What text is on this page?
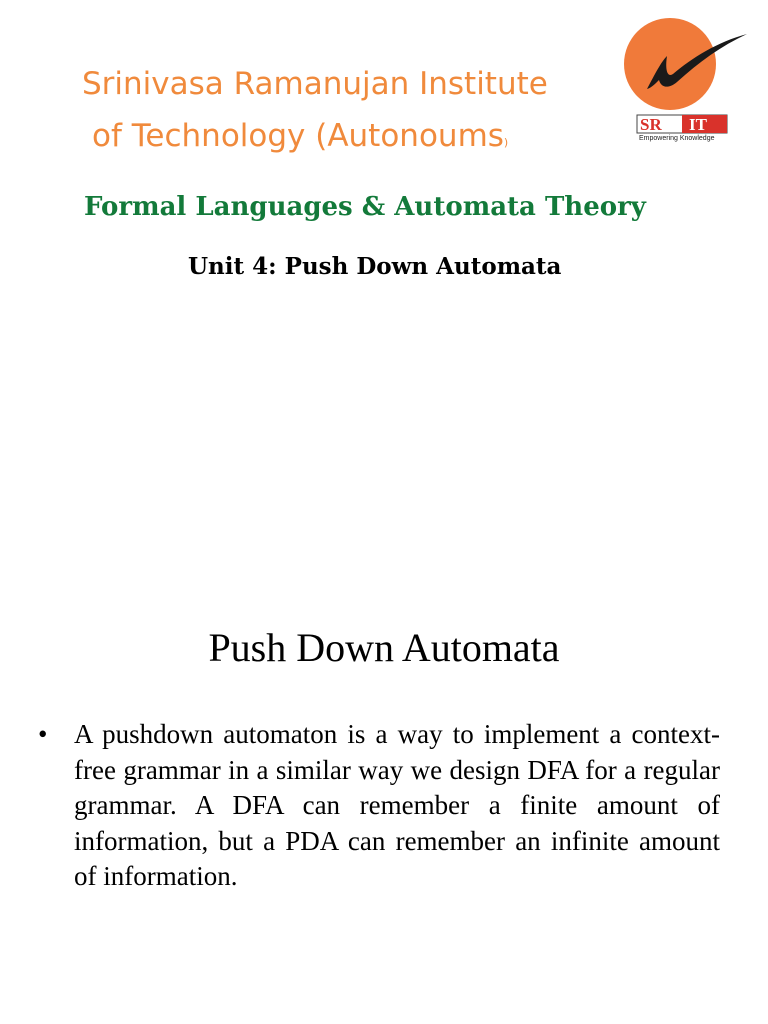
Srinivasa Ramanujan Institute
of Technology (Autonoums)
SR IT
Empowering Knowledge
Formal Languages & Automata Theory
Unit 4: Push Down Automata
Push Down Automata
• A pushdown automaton is a way to implement a context-free grammar in a similar way we design DFA for a regular grammar. A DFA can remember a finite amount of information, but a PDA can remember an infinite amount of information.
